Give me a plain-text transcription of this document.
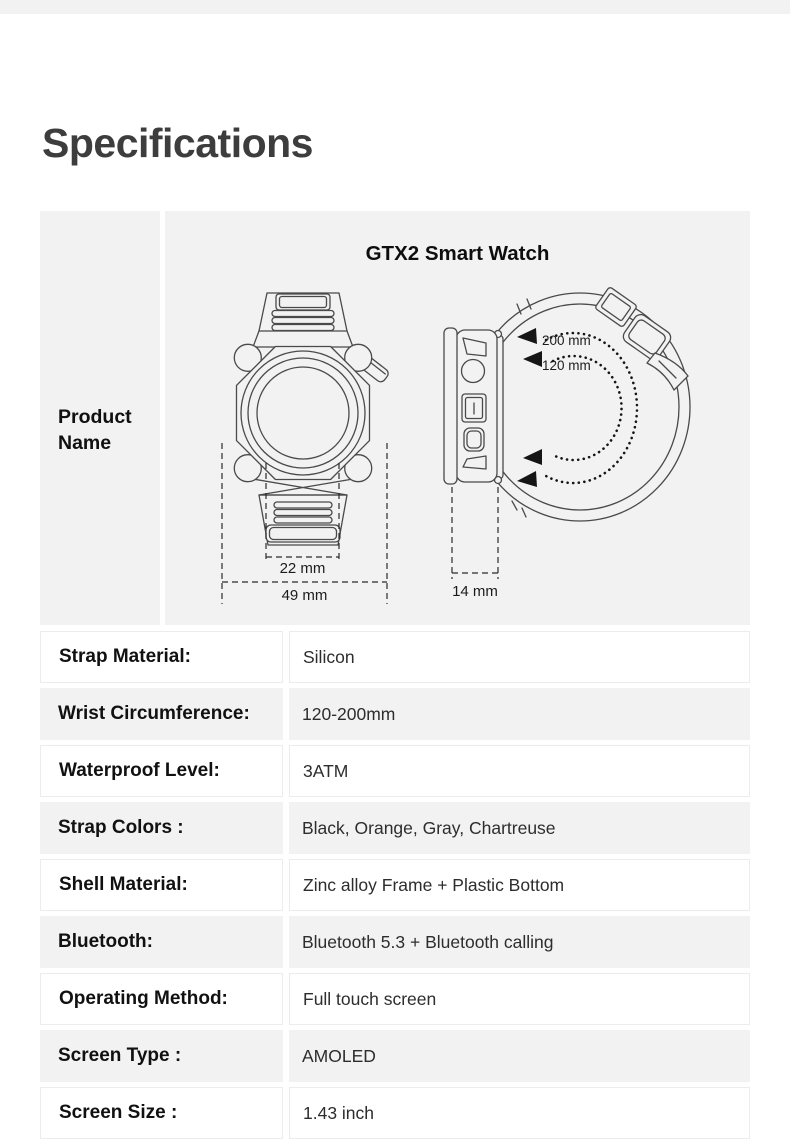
Specifications
Product Name
GTX2 Smart Watch
22 mm
49 mm
200 mm
120 mm
14 mm
Strap Material:	Silicon
Wrist Circumference:	120-200mm
Waterproof Level:	3ATM
Strap Colors :	Black, Orange, Gray, Chartreuse
Shell Material:	Zinc alloy Frame + Plastic Bottom
Bluetooth:	Bluetooth 5.3 + Bluetooth calling
Operating Method:	Full touch screen
Screen Type :	AMOLED
Screen Size :	1.43 inch
